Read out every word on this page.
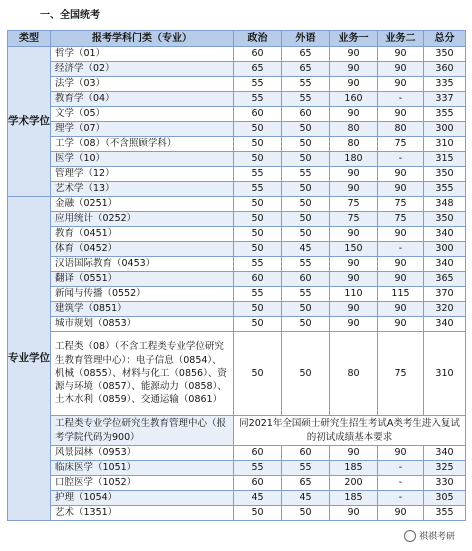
一、全国统考
类型	报考学科门类（专业）	政治	外语	业务一	业务二	总分
学术学位	哲学（01）	60	65	90	90	350
	经济学（02）	65	65	90	90	360
	法学（03）	55	55	90	90	335
	教育学（04）	55	55	160	-	337
	文学（05）	60	60	90	90	355
	理学（07）	50	50	80	80	300
	工学（08）（不含照顾学科）	50	50	80	75	310
	医学（10）	50	50	180	-	315
	管理学（12）	55	55	90	90	350
	艺术学（13）	55	50	90	90	355
专业学位	金融（0251）	50	50	75	75	348
	应用统计（0252）	50	50	75	75	350
	教育（0451）	50	50	90	90	340
	体育（0452）	50	45	150	-	300
	汉语国际教育（0453）	55	55	90	90	340
	翻译（0551）	60	60	90	90	365
	新闻与传播（0552）	55	55	110	115	370
	建筑学（0851）	50	50	90	90	320
	城市规划（0853）	50	50	90	90	340
	工程类（08）（不含工程类专业学位研究生教育管理中心）：电子信息（0854）、机械（0855）、材料与化工（0856）、资源与环境（0857）、能源动力（0858）、土木水利（0859）、交通运输（0861）	50	50	80	75	310
	工程类专业学位研究生教育管理中心（报考学院代码为900）	同2021年全国硕士研究生招生考试A类考生进入复试的初试成绩基本要求				
	风景园林（0953）	60	60	90	90	340
	临床医学（1051）	55	55	185	-	325
	口腔医学（1052）	60	65	200	-	330
	护理（1054）	45	45	185	-	305
	艺术（1351）	50	50	90	90	355
祺祺考研
